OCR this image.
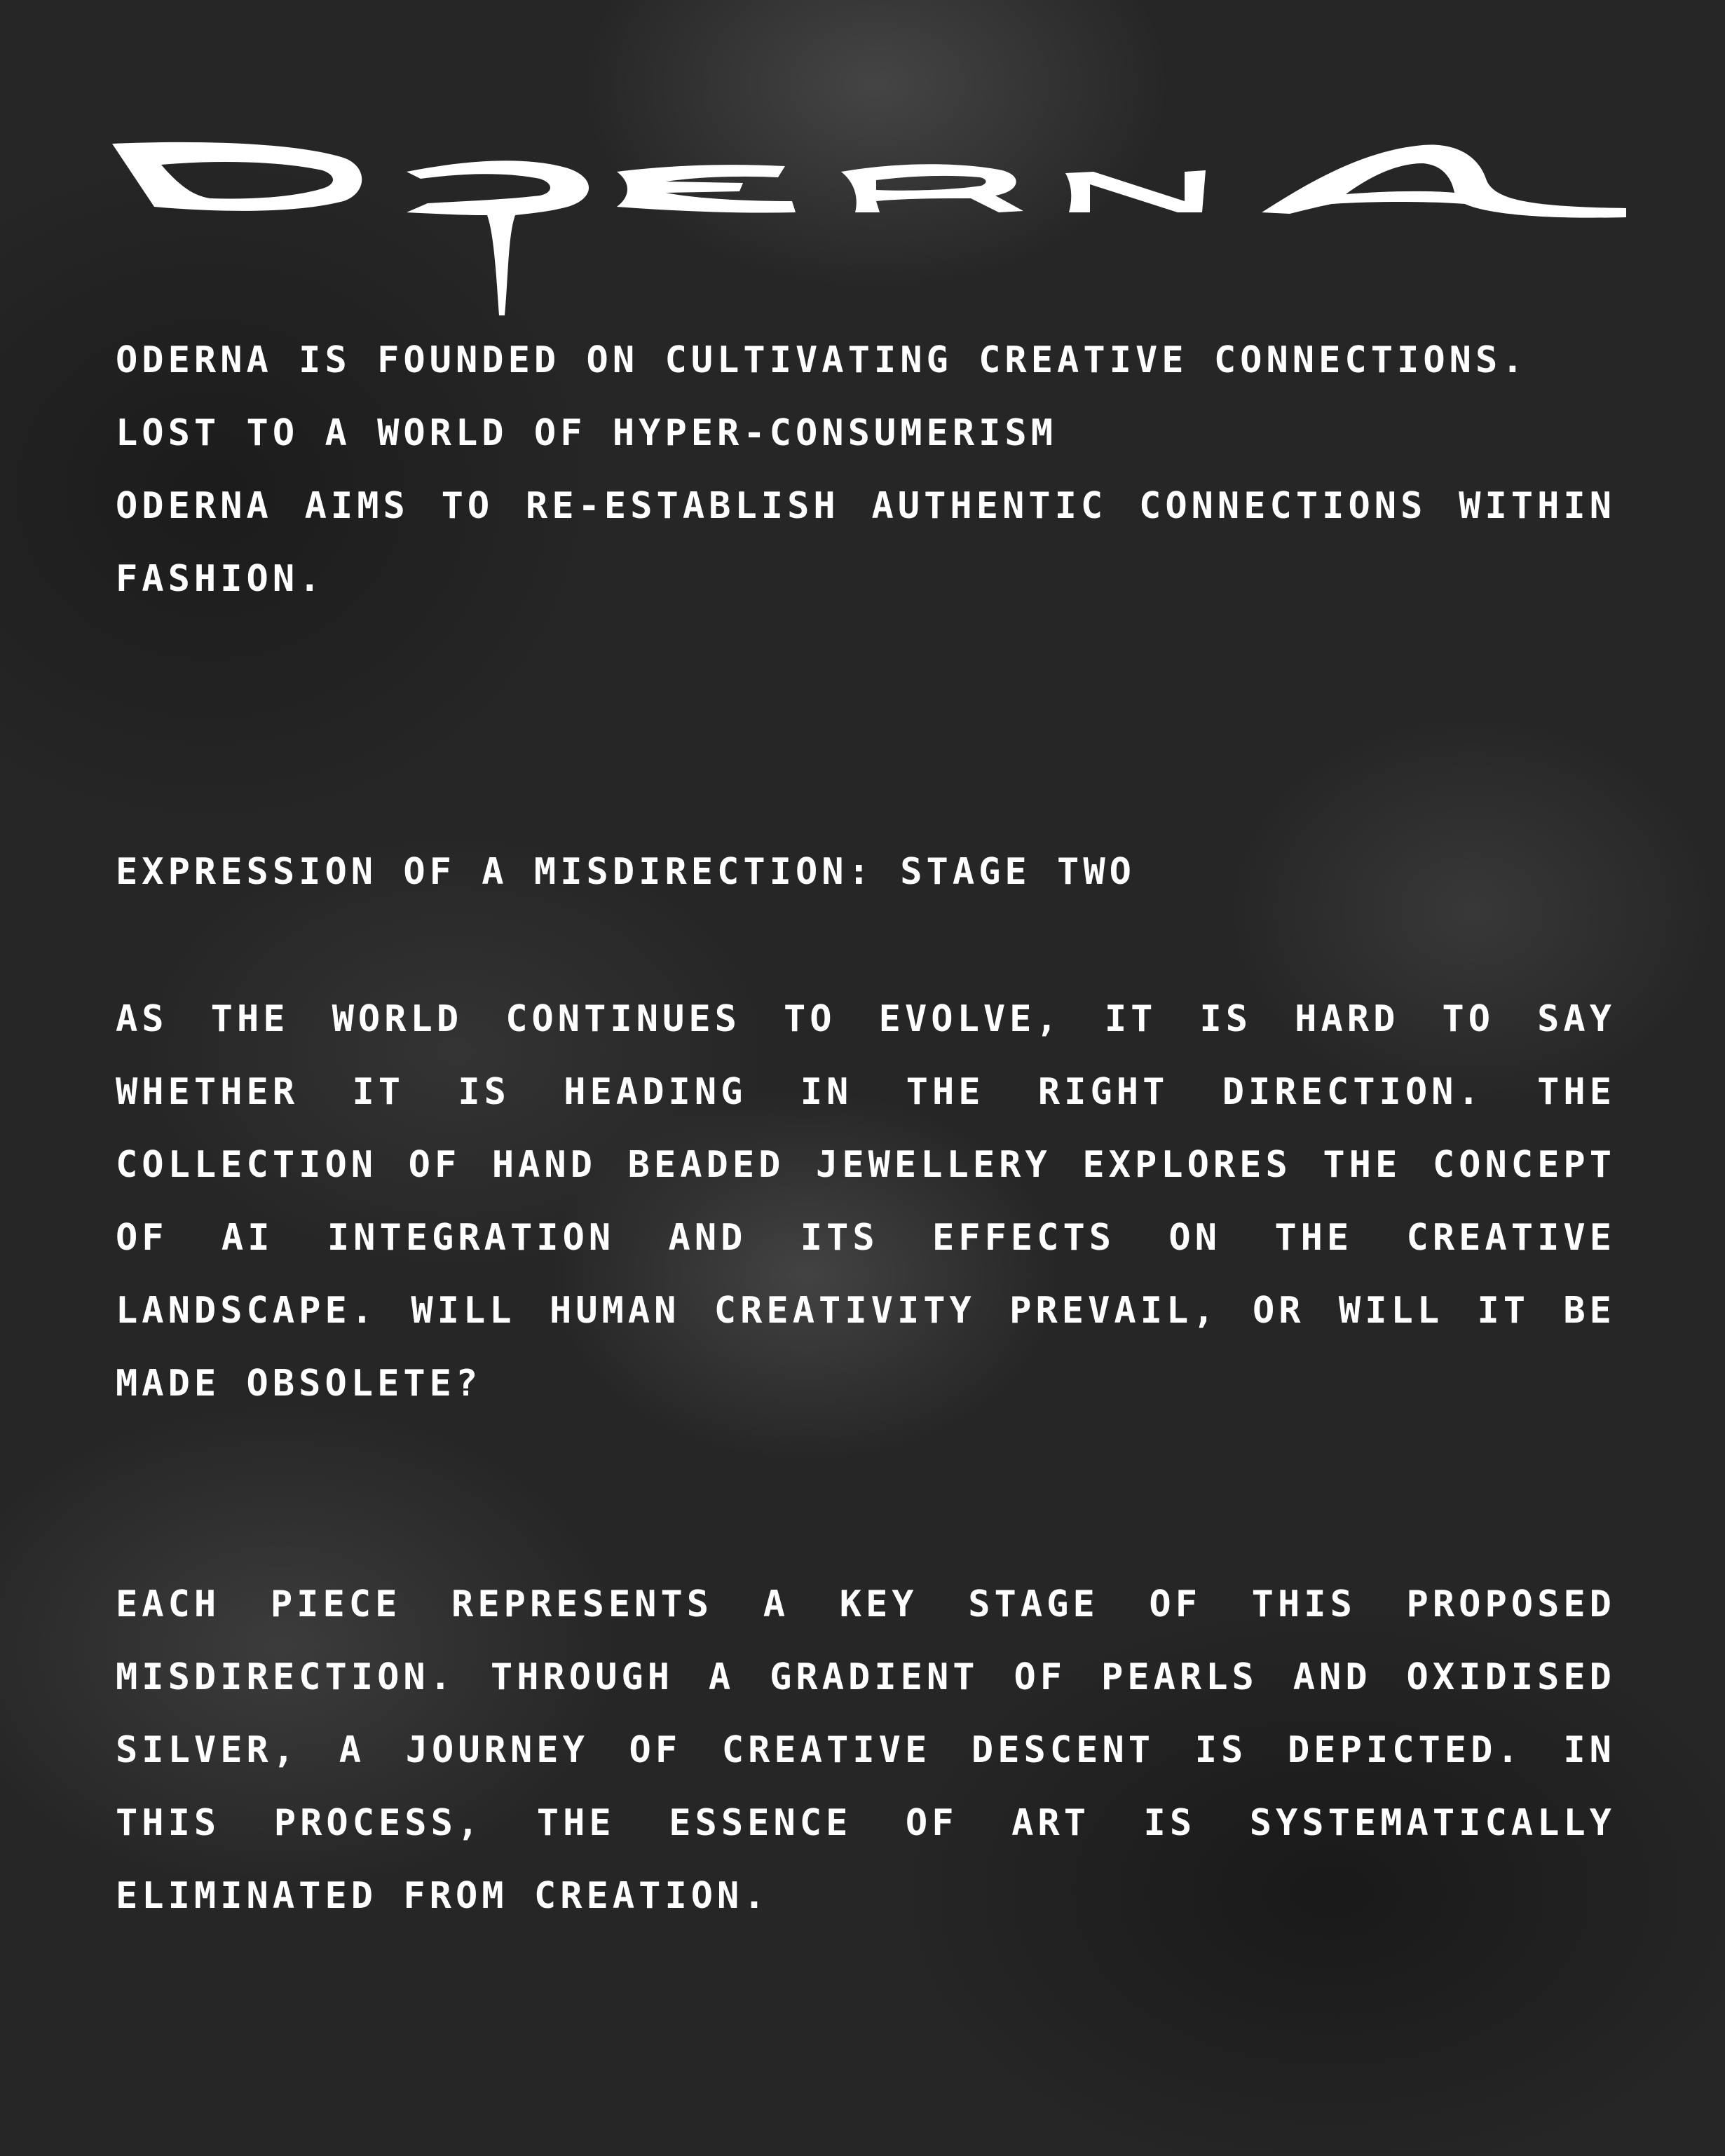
ODERNA IS FOUNDED ON CULTIVATING CREATIVE CONNECTIONS.
LOST TO A WORLD OF HYPER-CONSUMERISM
ODERNA AIMS TO RE-ESTABLISH AUTHENTIC CONNECTIONS WITHIN FASHION.

EXPRESSION OF A MISDIRECTION: STAGE TWO

AS THE WORLD CONTINUES TO EVOLVE, IT IS HARD TO SAY WHETHER IT IS HEADING IN THE RIGHT DIRECTION. THE COLLECTION OF HAND BEADED JEWELLERY EXPLORES THE CONCEPT OF AI INTEGRATION AND ITS EFFECTS ON THE CREATIVE LANDSCAPE. WILL HUMAN CREATIVITY PREVAIL, OR WILL IT BE MADE OBSOLETE?

EACH PIECE REPRESENTS A KEY STAGE OF THIS PROPOSED MISDIRECTION. THROUGH A GRADIENT OF PEARLS AND OXIDISED SILVER, A JOURNEY OF CREATIVE DESCENT IS DEPICTED. IN THIS PROCESS, THE ESSENCE OF ART IS SYSTEMATICALLY ELIMINATED FROM CREATION.
